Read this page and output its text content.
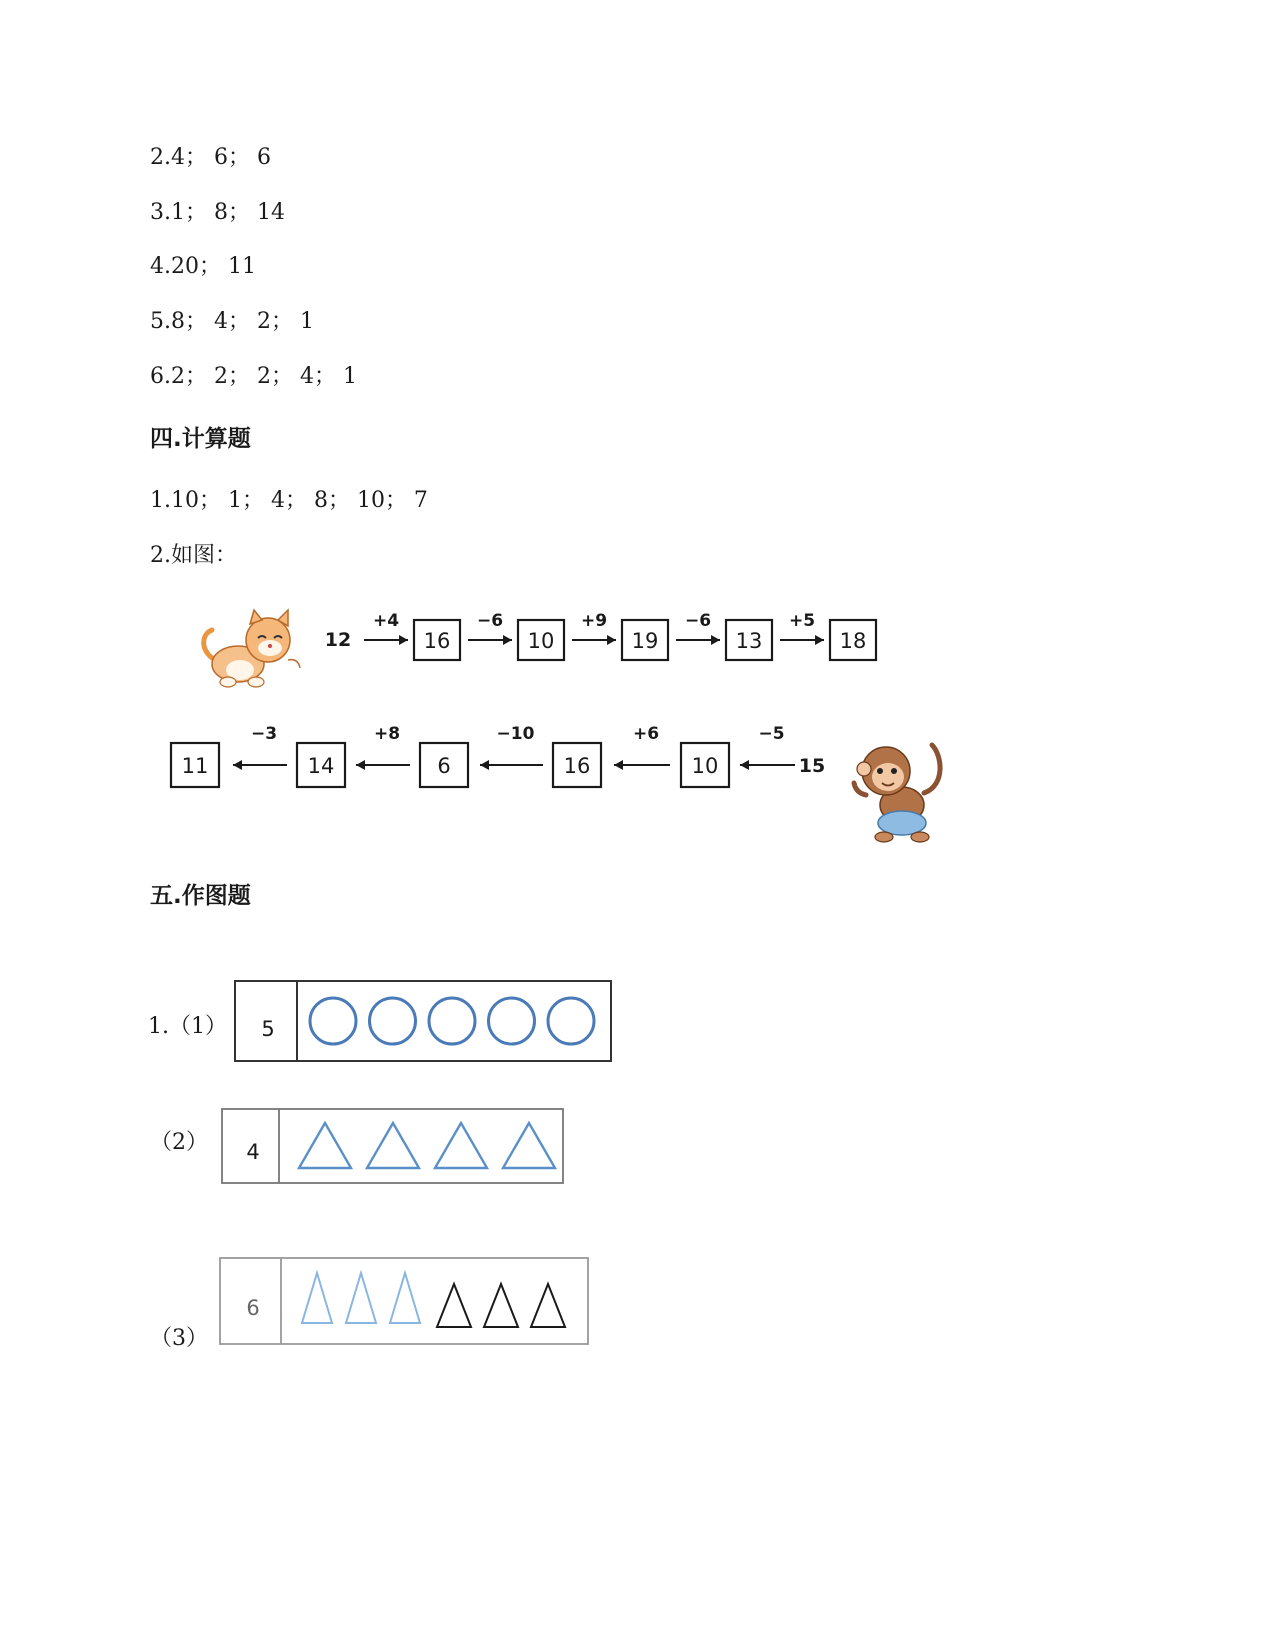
2.4； 6； 6
3.1； 8； 14
4.20； 11
5.8； 4； 2； 1
6.2； 2； 2； 4； 1
四.计算题
1.10； 1； 4； 8； 10； 7
2.如图：
12
+4
16
−6
10
+9
19
−6
13
+5
18
15
−5
10
+6
16
−10
6
+8
14
−3
11
五.作图题
1.（1） 5
（2） 4
（3）
6
